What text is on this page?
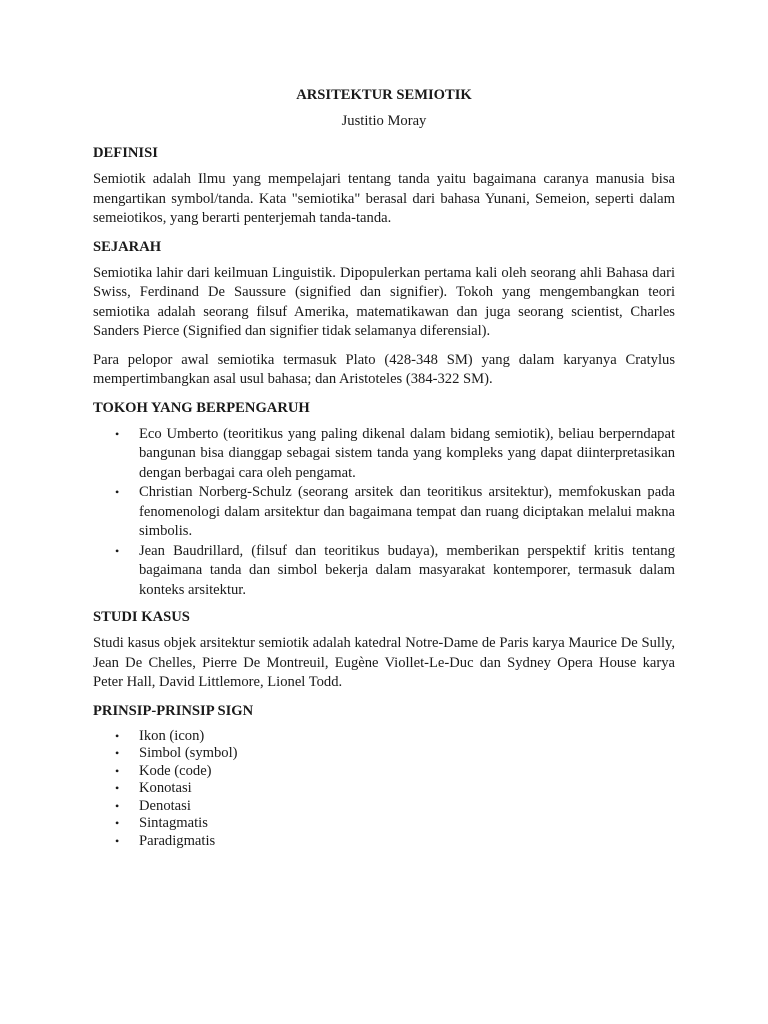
ARSITEKTUR SEMIOTIK

Justitio Moray

DEFINISI

Semiotik adalah Ilmu yang mempelajari tentang tanda yaitu bagaimana caranya manusia bisa mengartikan symbol/tanda. Kata "semiotika" berasal dari bahasa Yunani, Semeion, seperti dalam semeiotikos, yang berarti penterjemah tanda-tanda.

SEJARAH

Semiotika lahir dari keilmuan Linguistik. Dipopulerkan pertama kali oleh seorang ahli Bahasa dari Swiss, Ferdinand De Saussure (signified dan signifier). Tokoh yang mengembangkan teori semiotika adalah seorang filsuf Amerika, matematikawan dan juga seorang scientist, Charles Sanders Pierce (Signified dan signifier tidak selamanya diferensial).

Para pelopor awal semiotika termasuk Plato (428-348 SM) yang dalam karyanya Cratylus mempertimbangkan asal usul bahasa; dan Aristoteles (384-322 SM).

TOKOH YANG BERPENGARUH

• Eco Umberto (teoritikus yang paling dikenal dalam bidang semiotik), beliau berperndapat bangunan bisa dianggap sebagai sistem tanda yang kompleks yang dapat diinterpretasikan dengan berbagai cara oleh pengamat.
• Christian Norberg-Schulz (seorang arsitek dan teoritikus arsitektur), memfokuskan pada fenomenologi dalam arsitektur dan bagaimana tempat dan ruang diciptakan melalui makna simbolis.
• Jean Baudrillard, (filsuf dan teoritikus budaya), memberikan perspektif kritis tentang bagaimana tanda dan simbol bekerja dalam masyarakat kontemporer, termasuk dalam konteks arsitektur.

STUDI KASUS

Studi kasus objek arsitektur semiotik adalah katedral Notre-Dame de Paris karya Maurice De Sully, Jean De Chelles, Pierre De Montreuil, Eugène Viollet-Le-Duc dan Sydney Opera House karya Peter Hall, David Littlemore, Lionel Todd.

PRINSIP-PRINSIP SIGN

• Ikon (icon)
• Simbol (symbol)
• Kode (code)
• Konotasi
• Denotasi
• Sintagmatis
• Paradigmatis
